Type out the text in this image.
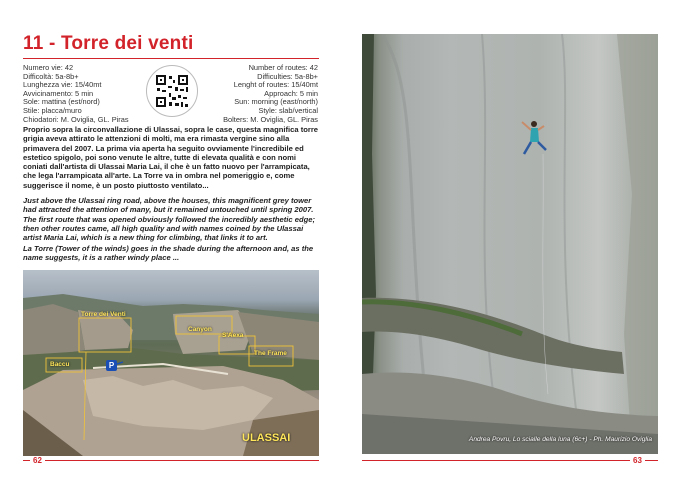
11 - Torre dei venti
Numero vie: 42
Difficoltà: 5a-8b+
Lunghezza vie: 15/40mt
Avvicinamento: 5 min
Sole: mattina (est/nord)
Stile: placca/muro
Chiodatori: M. Oviglia, GL. Piras
Number of routes: 42
Difficulties: 5a-8b+
Lenght of routes: 15/40mt
Approach: 5 min
Sun: morning (east/north)
Style: slab/vertical
Bolters: M. Oviglia, GL. Piras

Proprio sopra la circonvallazione di Ulassai, sopra le case, questa magnifica torre grigia aveva attirato le attenzioni di molti, ma era rimasta vergine sino alla primavera del 2007. La prima via aperta ha seguito ovviamente l'incredibile ed estetico spigolo, poi sono venute le altre, tutte di elevata qualità e con nomi coniati dall'artista di Ulassai Maria Lai, il che è un fatto nuovo per l'arrampicata, che lega l'arrampicata all'arte. La Torre va in ombra nel pomeriggio e, come suggerisce il nome, è un posto piuttosto ventilato...

Just above the Ulassai ring road, above the houses, this magnificent grey tower had attracted the attention of many, but it remained untouched until spring 2007. The first route that was opened obviously followed the incredibly aesthetic edge; then other routes came, all high quality and with names coined by the Ulassai artist Maria Lai, which is a new thing for climbing, that links it to art.

La Torre (Tower of the winds) goes in the shade during the afternoon and, as the name suggests, it is a rather windy place ...

Torre dei Venti
Canyon
S'Aexa
The Frame
Baccu	P
ULASSAI
62
Andrea Povru, Lo scialle della luna (6c+) - Ph. Maurizio Oviglia
63
